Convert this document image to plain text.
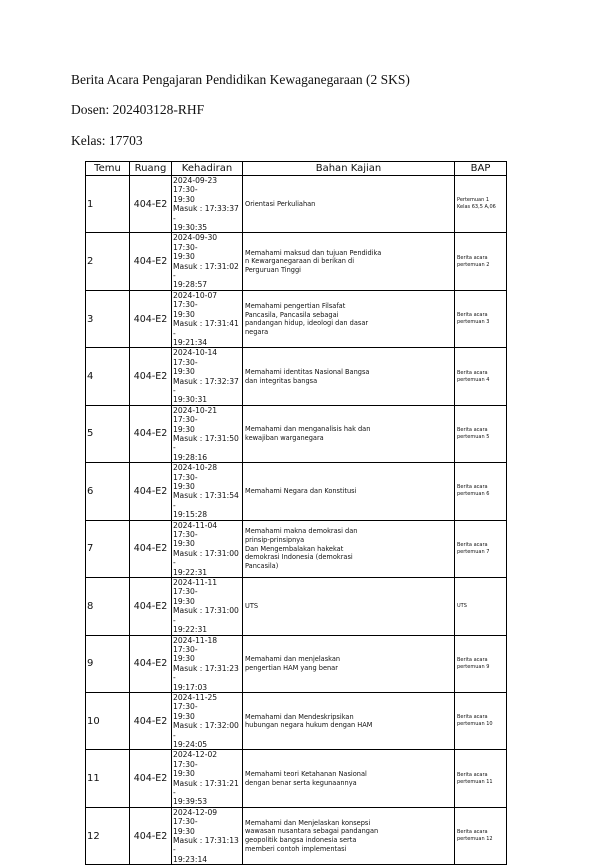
Berita Acara Pengajaran Pendidikan Kewaganegaraan (2 SKS)
Dosen: 202403128-RHF
Kelas: 17703
Temu	Ruang	Kehadiran	Bahan Kajian	BAP
1	404-E2	2024-09-23 17:30-
19:30
Masuk : 17:33:37 -
19:30:35	Orientasi Perkuliahan	Pertemuan 1
Kelas 63,5 A,06
2	404-E2	2024-09-30 17:30-
19:30
Masuk : 17:31:02 -
19:28:57	Memahami maksud dan tujuan Pendidika
n Kewarganegaraan di berikan di
Perguruan Tinggi	Berita acara
pertemuan 2
3	404-E2	2024-10-07 17:30-
19:30
Masuk : 17:31:41 -
19:21:34	Memahami pengertian Filsafat
Pancasila, Pancasila sebagai
pandangan hidup, ideologi dan dasar
negara	Berita acara
pertemuan 3
4	404-E2	2024-10-14 17:30-
19:30
Masuk : 17:32:37 -
19:30:31	Memahami identitas Nasional Bangsa
dan integritas bangsa	Berita acara
pertemuan 4
5	404-E2	2024-10-21 17:30-
19:30
Masuk : 17:31:50 -
19:28:16	Memahami dan menganalisis hak dan
kewajiban warganegara	Berita acara
pertemuan 5
6	404-E2	2024-10-28 17:30-
19:30
Masuk : 17:31:54 -
19:15:28	Memahami Negara dan Konstitusi	Berita acara
pertemuan 6
7	404-E2	2024-11-04 17:30-
19:30
Masuk : 17:31:00 -
19:22:31	Memahami makna demokrasi dan
prinsip-prinsipnya
Dan Mengembalakan hakekat
demokrasi Indonesia (demokrasi
Pancasila)	Berita acara
pertemuan 7
8	404-E2	2024-11-11 17:30-
19:30
Masuk : 17:31:00 -
19:22:31	UTS	UTS
9	404-E2	2024-11-18 17:30-
19:30
Masuk : 17:31:23 -
19:17:03	Memahami dan menjelaskan
pengertian HAM yang benar	Berita acara
pertemuan 9
10	404-E2	2024-11-25 17:30-
19:30
Masuk : 17:32:00 -
19:24:05	Memahami dan Mendeskripsikan
hubungan negara hukum dengan HAM	Berita acara
pertemuan 10
11	404-E2	2024-12-02 17:30-
19:30
Masuk : 17:31:21 -
19:39:53	Memahami teori Ketahanan Nasional
dengan benar serta kegunaannya	Berita acara
pertemuan 11
12	404-E2	2024-12-09 17:30-
19:30
Masuk : 17:31:13 -
19:23:14	Memahami dan Menjelaskan konsepsi
wawasan nusantara sebagai pandangan
geopolitik bangsa indonesia serta
memberi contoh implementasi	Berita acara
pertemuan 12
